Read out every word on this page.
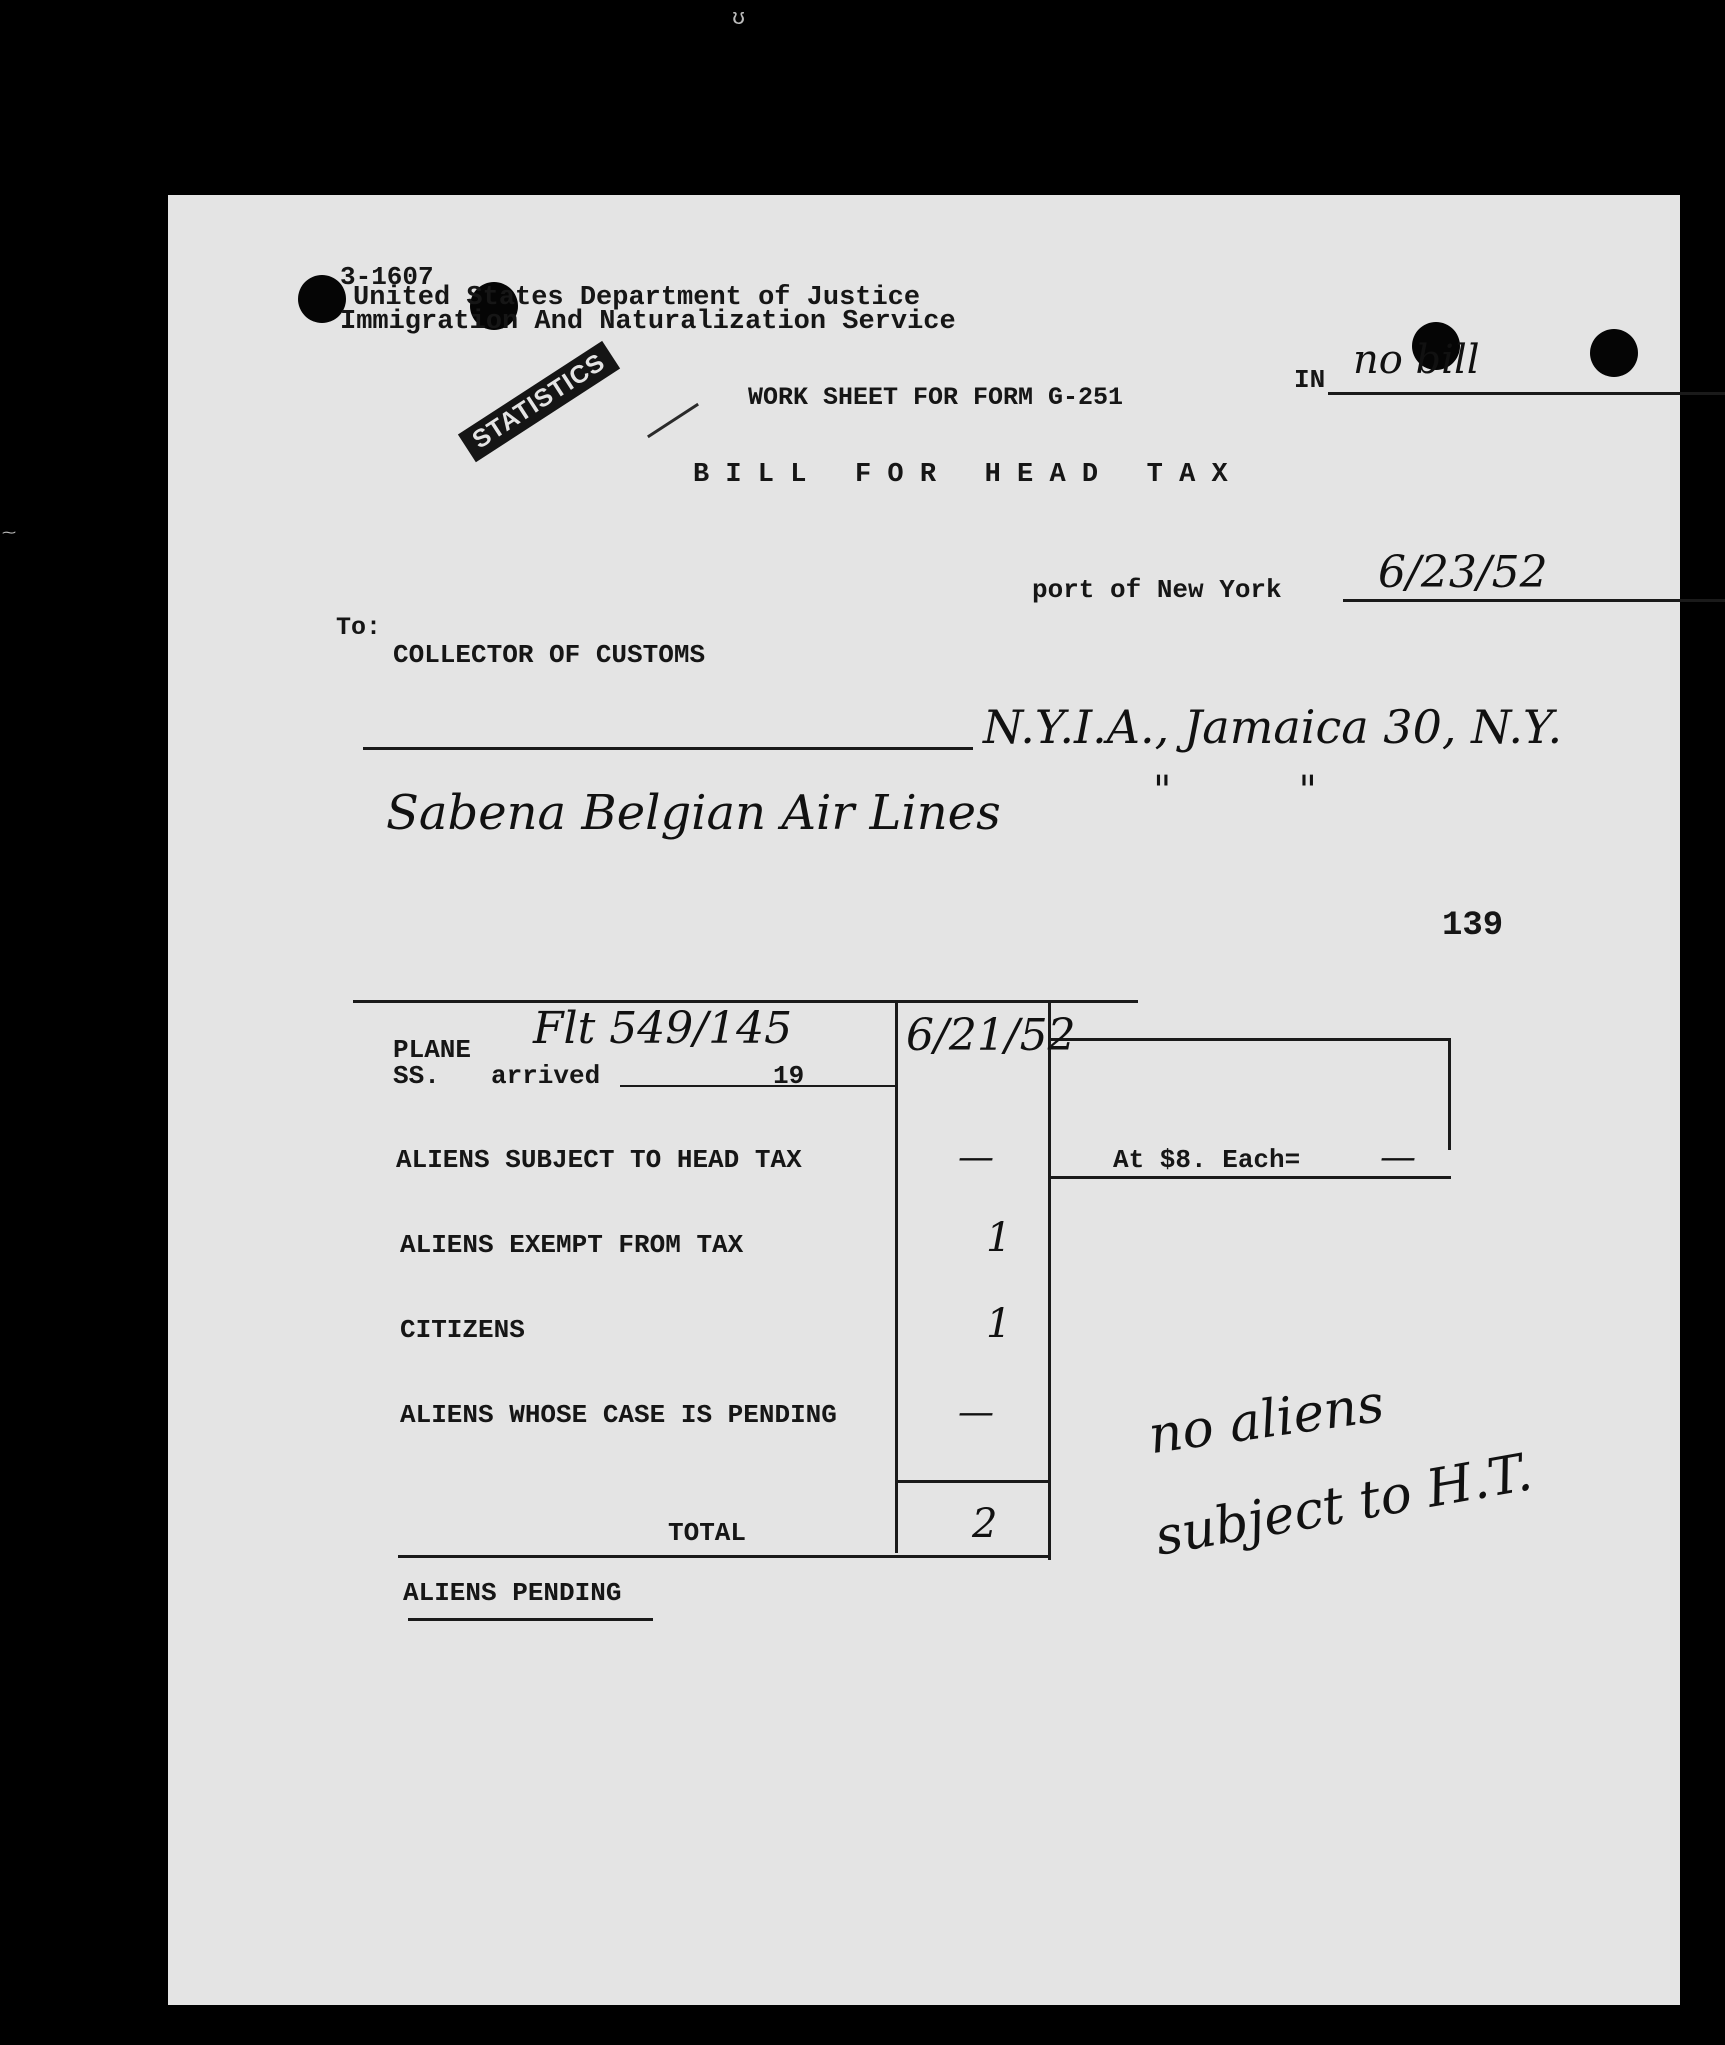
ʊ
⁓
3-1607
United States Department of Justice
Immigration And Naturalization Service
STATISTICS	WORK SHEET FOR FORM G-251
IN no bill
B I L L   F O R   H E A D   T A X
port of New York 6/23/52
To:
COLLECTOR OF CUSTOMS
N.Y.I.A., Jamaica 30, N.Y.
Sabena Belgian Air Lines	"          "
139
PLANE Flt 549/145
SS. arrived	19
6/21/52
ALIENS SUBJECT TO HEAD TAX	—	At $8. Each= —
ALIENS EXEMPT FROM TAX	1
CITIZENS	1
ALIENS WHOSE CASE IS PENDING	—
TOTAL	2
ALIENS PENDING
no aliens
subject to H.T.
